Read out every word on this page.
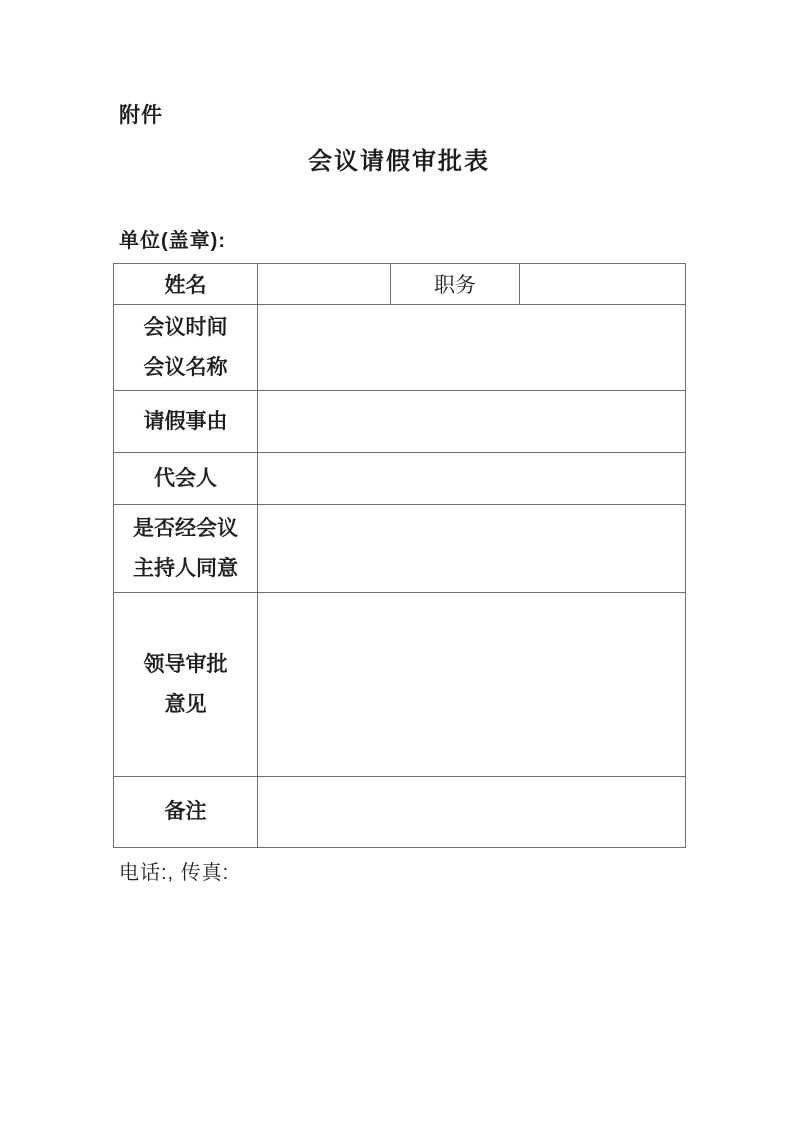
附件
会议请假审批表
单位(盖章):
姓名		职务	

会议时间
会议名称			

请假事由			

代会人			

是否经会议
主持人同意			

领导审批
意见			

备注			

电话:, 传真:
